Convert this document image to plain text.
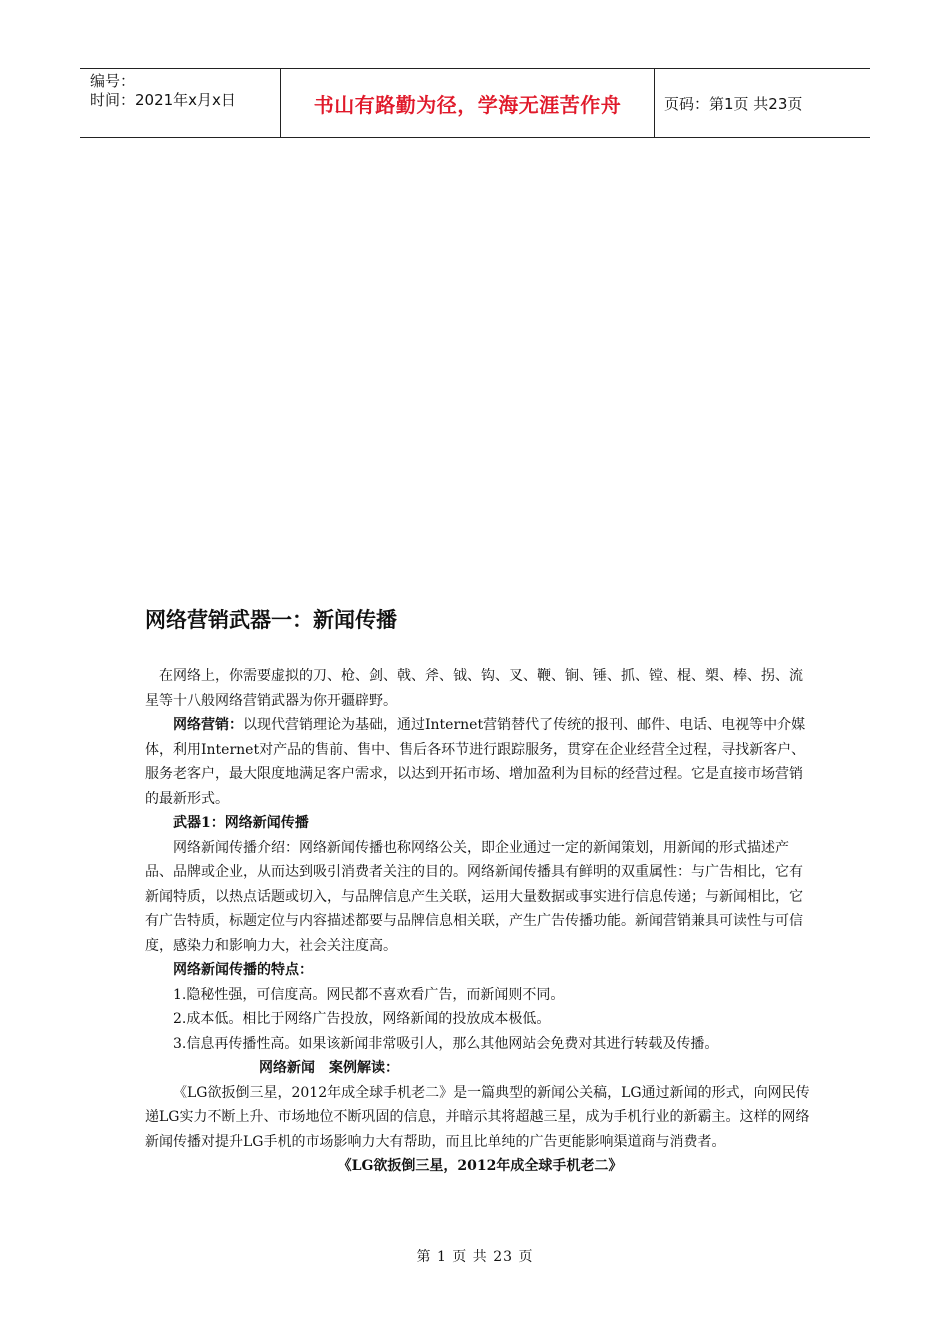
编号：
时间：2021年x月x日	书山有路勤为径，学海无涯苦作舟	页码：第1页 共23页
网络营销武器一：新闻传播

在网络上，你需要虚拟的刀、枪、剑、戟、斧、钺、钩、叉、鞭、锏、锤、抓、镗、棍、槊、棒、拐、流星等十八般网络营销武器为你开疆辟野。

网络营销：以现代营销理论为基础，通过Internet营销替代了传统的报刊、邮件、电话、电视等中介媒体，利用Internet对产品的售前、售中、售后各环节进行跟踪服务，贯穿在企业经营全过程，寻找新客户、服务老客户，最大限度地满足客户需求，以达到开拓市场、增加盈利为目标的经营过程。它是直接市场营销的最新形式。

武器1：网络新闻传播

网络新闻传播介绍：网络新闻传播也称网络公关，即企业通过一定的新闻策划，用新闻的形式描述产品、品牌或企业，从而达到吸引消费者关注的目的。网络新闻传播具有鲜明的双重属性：与广告相比，它有新闻特质，以热点话题或切入，与品牌信息产生关联，运用大量数据或事实进行信息传递；与新闻相比，它有广告特质，标题定位与内容描述都要与品牌信息相关联，产生广告传播功能。新闻营销兼具可读性与可信度，感染力和影响力大，社会关注度高。

网络新闻传播的特点：

1.隐秘性强，可信度高。网民都不喜欢看广告，而新闻则不同。

2.成本低。相比于网络广告投放，网络新闻的投放成本极低。

3.信息再传播性高。如果该新闻非常吸引人，那么其他网站会免费对其进行转载及传播。

网络新闻　案例解读：

《LG欲扳倒三星，2012年成全球手机老二》是一篇典型的新闻公关稿，LG通过新闻的形式，向网民传递LG实力不断上升、市场地位不断巩固的信息，并暗示其将超越三星，成为手机行业的新霸主。这样的网络新闻传播对提升LG手机的市场影响力大有帮助，而且比单纯的广告更能影响渠道商与消费者。

《LG欲扳倒三星，2012年成全球手机老二》

第 1 页 共 23 页
